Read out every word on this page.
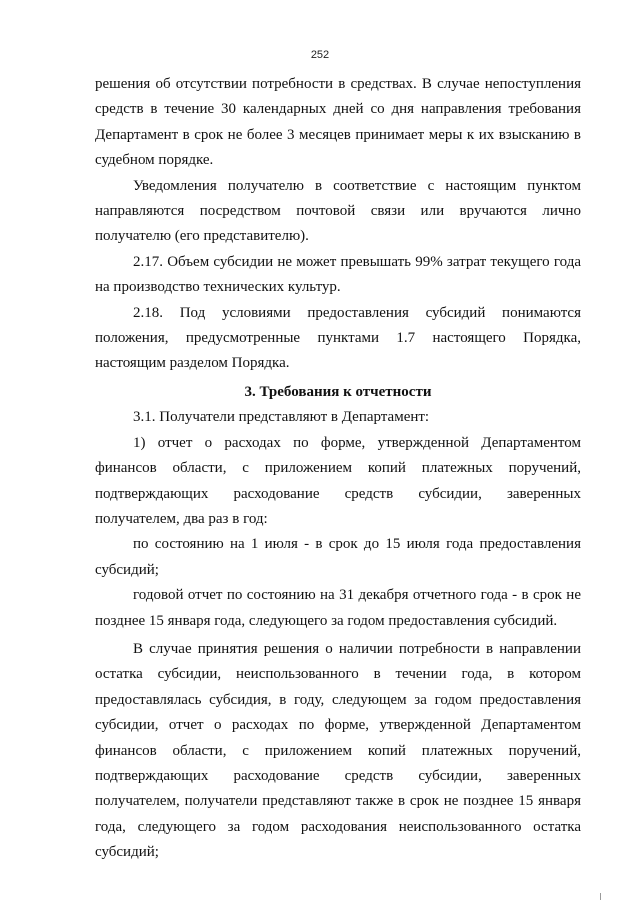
252

решения об отсутствии потребности в средствах. В случае непоступления средств в течение 30 календарных дней со дня направления требования Департамент в срок не более 3 месяцев принимает меры к их взысканию в судебном порядке.

Уведомления получателю в соответствие с настоящим пунктом направляются посредством почтовой связи или вручаются лично получателю (его представителю).

2.17. Объем субсидии не может превышать 99% затрат текущего года на производство технических культур.

2.18. Под условиями предоставления субсидий понимаются положения, предусмотренные пунктами 1.7 настоящего Порядка, настоящим разделом Порядка.

3. Требования к отчетности

3.1. Получатели представляют в Департамент:

1) отчет о расходах по форме, утвержденной Департаментом финансов области, с приложением копий платежных поручений, подтверждающих расходование средств субсидии, заверенных получателем, два раз в год:

по состоянию на 1 июля - в срок до 15 июля года предоставления субсидий;

годовой отчет по состоянию на 31 декабря отчетного года - в срок не позднее 15 января года, следующего за годом предоставления субсидий.

В случае принятия решения о наличии потребности в направлении остатка субсидии, неиспользованного в течении года, в котором предоставлялась субсидия, в году, следующем за годом предоставления субсидии, отчет о расходах по форме, утвержденной Департаментом финансов области, с приложением копий платежных поручений, подтверждающих расходование средств субсидии, заверенных получателем, получатели представляют также в срок не позднее 15 января года, следующего за годом расходования неиспользованного остатка субсидий;
